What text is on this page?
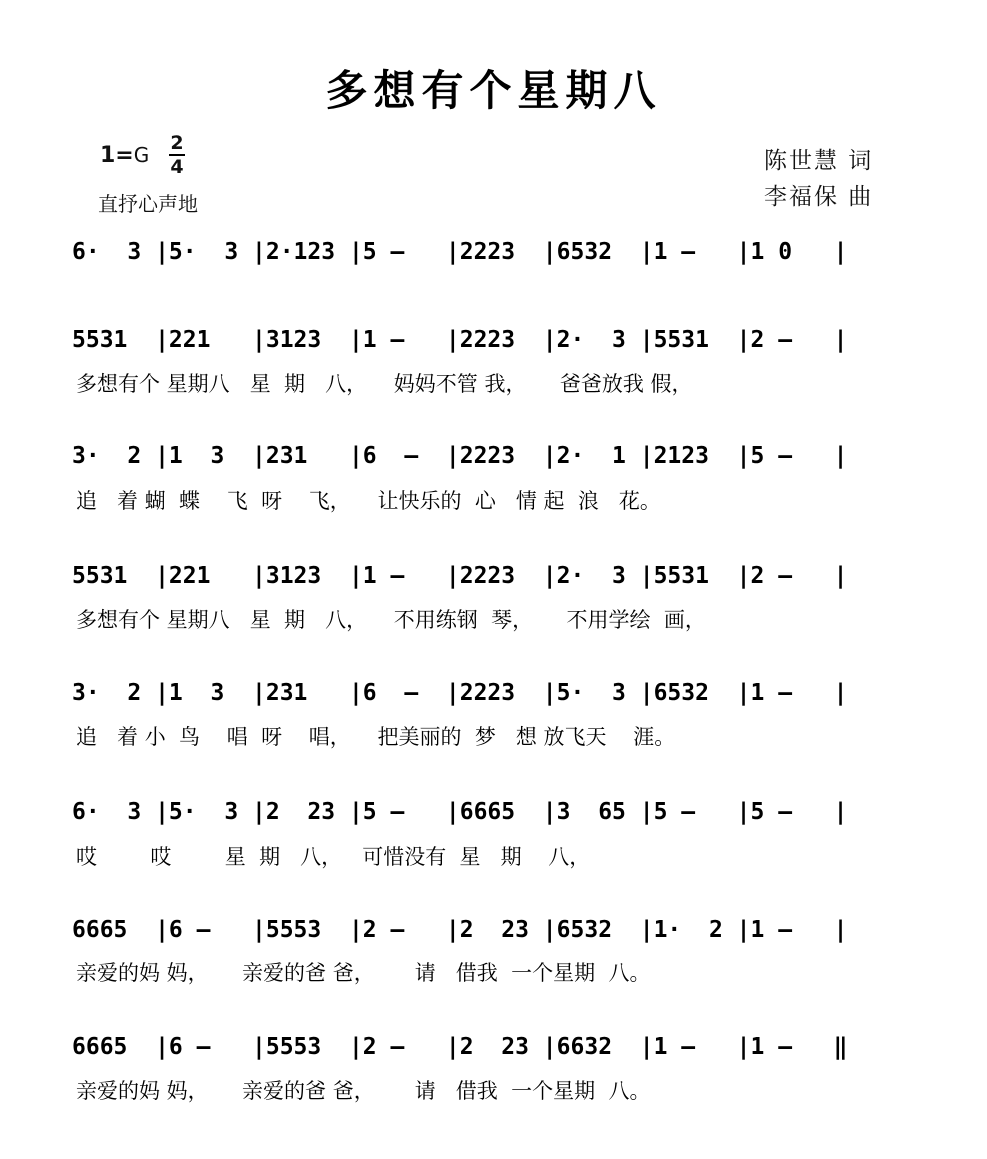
多想有个星期八
1=G 2
4
直抒心声地
陈世慧 词
李福保 曲
6·  3 |5·  3 |2·123 |5 –   |2223  |6532  |1 –   |1 0   |
5531  |221   |3123  |1 –   |2223  |2·  3 |5531  |2 –   |
多想有个 星期八   星  期   八，    妈妈不管 我，     爸爸放我 假，
3·  2 |1  3  |231   |6  –  |2223  |2·  1 |2123  |5 –   |
追   着 蝴  蝶    飞  呀    飞，    让快乐的  心   情 起  浪   花。
5531  |221   |3123  |1 –   |2223  |2·  3 |5531  |2 –   |
多想有个 星期八   星  期   八，    不用练钢  琴，     不用学绘  画，
3·  2 |1  3  |231   |6  –  |2223  |5·  3 |6532  |1 –   |
追   着 小  鸟    唱  呀    唱，    把美丽的  梦   想 放飞天    涯。
6·  3 |5·  3 |2  23 |5 –   |6665  |3  65 |5 –   |5 –   |
哎        哎        星  期   八，   可惜没有  星   期    八，
6665  |6 –   |5553  |2 –   |2  23 |6532  |1·  2 |1 –   |
亲爱的妈 妈，     亲爱的爸 爸，      请   借我  一个星期  八。
6665  |6 –   |5553  |2 –   |2  23 |6632  |1 –   |1 –   ‖
亲爱的妈 妈，     亲爱的爸 爸，      请   借我  一个星期  八。
